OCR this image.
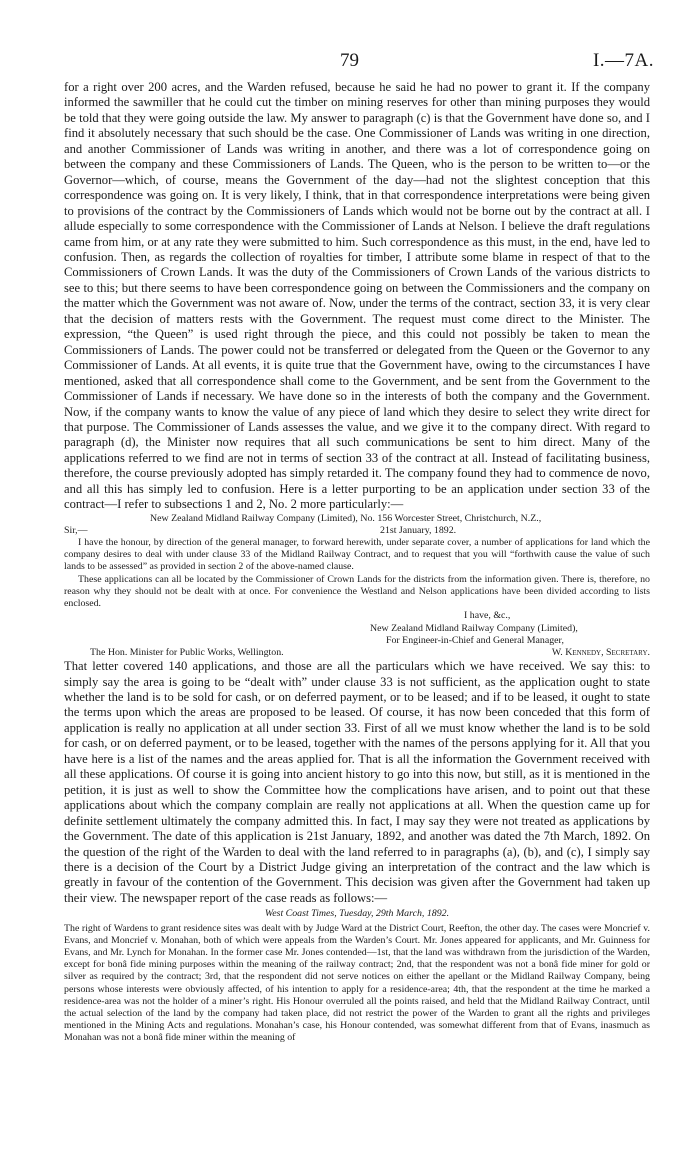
79	I.—7A.

for a right over 200 acres, and the Warden refused, because he said he had no power to grant it. If the company informed the sawmiller that he could cut the timber on mining reserves for other than mining purposes they would be told that they were going outside the law. My answer to paragraph (c) is that the Government have done so, and I find it absolutely necessary that such should be the case. One Commissioner of Lands was writing in one direction, and another Commissioner of Lands was writing in another, and there was a lot of correspondence going on between the company and these Commissioners of Lands. The Queen, who is the person to be written to—or the Governor—which, of course, means the Government of the day—had not the slightest conception that this correspondence was going on. It is very likely, I think, that in that correspondence interpretations were being given to provisions of the contract by the Commissioners of Lands which would not be borne out by the contract at all. I allude especially to some correspondence with the Commissioner of Lands at Nelson. I believe the draft regulations came from him, or at any rate they were submitted to him. Such correspondence as this must, in the end, have led to confusion. Then, as regards the collection of royalties for timber, I attribute some blame in respect of that to the Commissioners of Crown Lands. It was the duty of the Commissioners of Crown Lands of the various districts to see to this; but there seems to have been correspondence going on between the Commissioners and the company on the matter which the Government was not aware of. Now, under the terms of the contract, section 33, it is very clear that the decision of matters rests with the Government. The request must come direct to the Minister. The expression, “the Queen” is used right through the piece, and this could not possibly be taken to mean the Commissioners of Lands. The power could not be transferred or delegated from the Queen or the Governor to any Commissioner of Lands. At all events, it is quite true that the Government have, owing to the circumstances I have mentioned, asked that all correspondence shall come to the Government, and be sent from the Government to the Commissioner of Lands if necessary. We have done so in the interests of both the company and the Government. Now, if the company wants to know the value of any piece of land which they desire to select they write direct for that purpose. The Commissioner of Lands assesses the value, and we give it to the company direct. With regard to paragraph (d), the Minister now requires that all such communications be sent to him direct. Many of the applications referred to we find are not in terms of section 33 of the contract at all. Instead of facilitating business, therefore, the course previously adopted has simply retarded it. The company found they had to commence de novo, and all this has simply led to confusion. Here is a letter purporting to be an application under section 33 of the contract—I refer to subsections 1 and 2, No. 2 more particularly:—

New Zealand Midland Railway Company (Limited), No. 156 Worcester Street, Christchurch, N.Z.,

Sir,—	21st January, 1892.

I have the honour, by direction of the general manager, to forward herewith, under separate cover, a number of applications for land which the company desires to deal with under clause 33 of the Midland Railway Contract, and to request that you will “forthwith cause the value of such lands to be assessed” as provided in section 2 of the above-named clause.

These applications can all be located by the Commissioner of Crown Lands for the districts from the information given. There is, therefore, no reason why they should not be dealt with at once. For convenience the Westland and Nelson applications have been divided according to lists enclosed.

I have, &c.,

New Zealand Midland Railway Company (Limited),

For Engineer-in-Chief and General Manager,

The Hon. Minister for Public Works, Wellington.	W. Kennedy, Secretary.

That letter covered 140 applications, and those are all the particulars which we have received. We say this: to simply say the area is going to be “dealt with” under clause 33 is not sufficient, as the application ought to state whether the land is to be sold for cash, or on deferred payment, or to be leased; and if to be leased, it ought to state the terms upon which the areas are proposed to be leased. Of course, it has now been conceded that this form of application is really no application at all under section 33. First of all we must know whether the land is to be sold for cash, or on deferred payment, or to be leased, together with the names of the persons applying for it. All that you have here is a list of the names and the areas applied for. That is all the information the Government received with all these applications. Of course it is going into ancient history to go into this now, but still, as it is mentioned in the petition, it is just as well to show the Committee how the complications have arisen, and to point out that these applications about which the company complain are really not applications at all. When the question came up for definite settlement ultimately the company admitted this. In fact, I may say they were not treated as applications by the Government. The date of this application is 21st January, 1892, and another was dated the 7th March, 1892. On the question of the right of the Warden to deal with the land referred to in paragraphs (a), (b), and (c), I simply say there is a decision of the Court by a District Judge giving an interpretation of the contract and the law which is greatly in favour of the contention of the Government. This decision was given after the Government had taken up their view. The newspaper report of the case reads as follows:—

West Coast Times, Tuesday, 29th March, 1892.

The right of Wardens to grant residence sites was dealt with by Judge Ward at the District Court, Reefton, the other day. The cases were Moncrief v. Evans, and Moncrief v. Monahan, both of which were appeals from the Warden’s Court. Mr. Jones appeared for applicants, and Mr. Guinness for Evans, and Mr. Lynch for Monahan. In the former case Mr. Jones contended—1st, that the land was withdrawn from the jurisdiction of the Warden, except for bonâ fide mining purposes within the meaning of the railway contract; 2nd, that the respondent was not a bonâ fide miner for gold or silver as required by the contract; 3rd, that the respondent did not serve notices on either the apellant or the Midland Railway Company, being persons whose interests were obviously affected, of his intention to apply for a residence-area; 4th, that the respondent at the time he marked a residence-area was not the holder of a miner’s right. His Honour overruled all the points raised, and held that the Midland Railway Contract, until the actual selection of the land by the company had taken place, did not restrict the power of the Warden to grant all the rights and privileges mentioned in the Mining Acts and regulations. Monahan’s case, his Honour contended, was somewhat different from that of Evans, inasmuch as Monahan was not a bonâ fide miner within the meaning of
